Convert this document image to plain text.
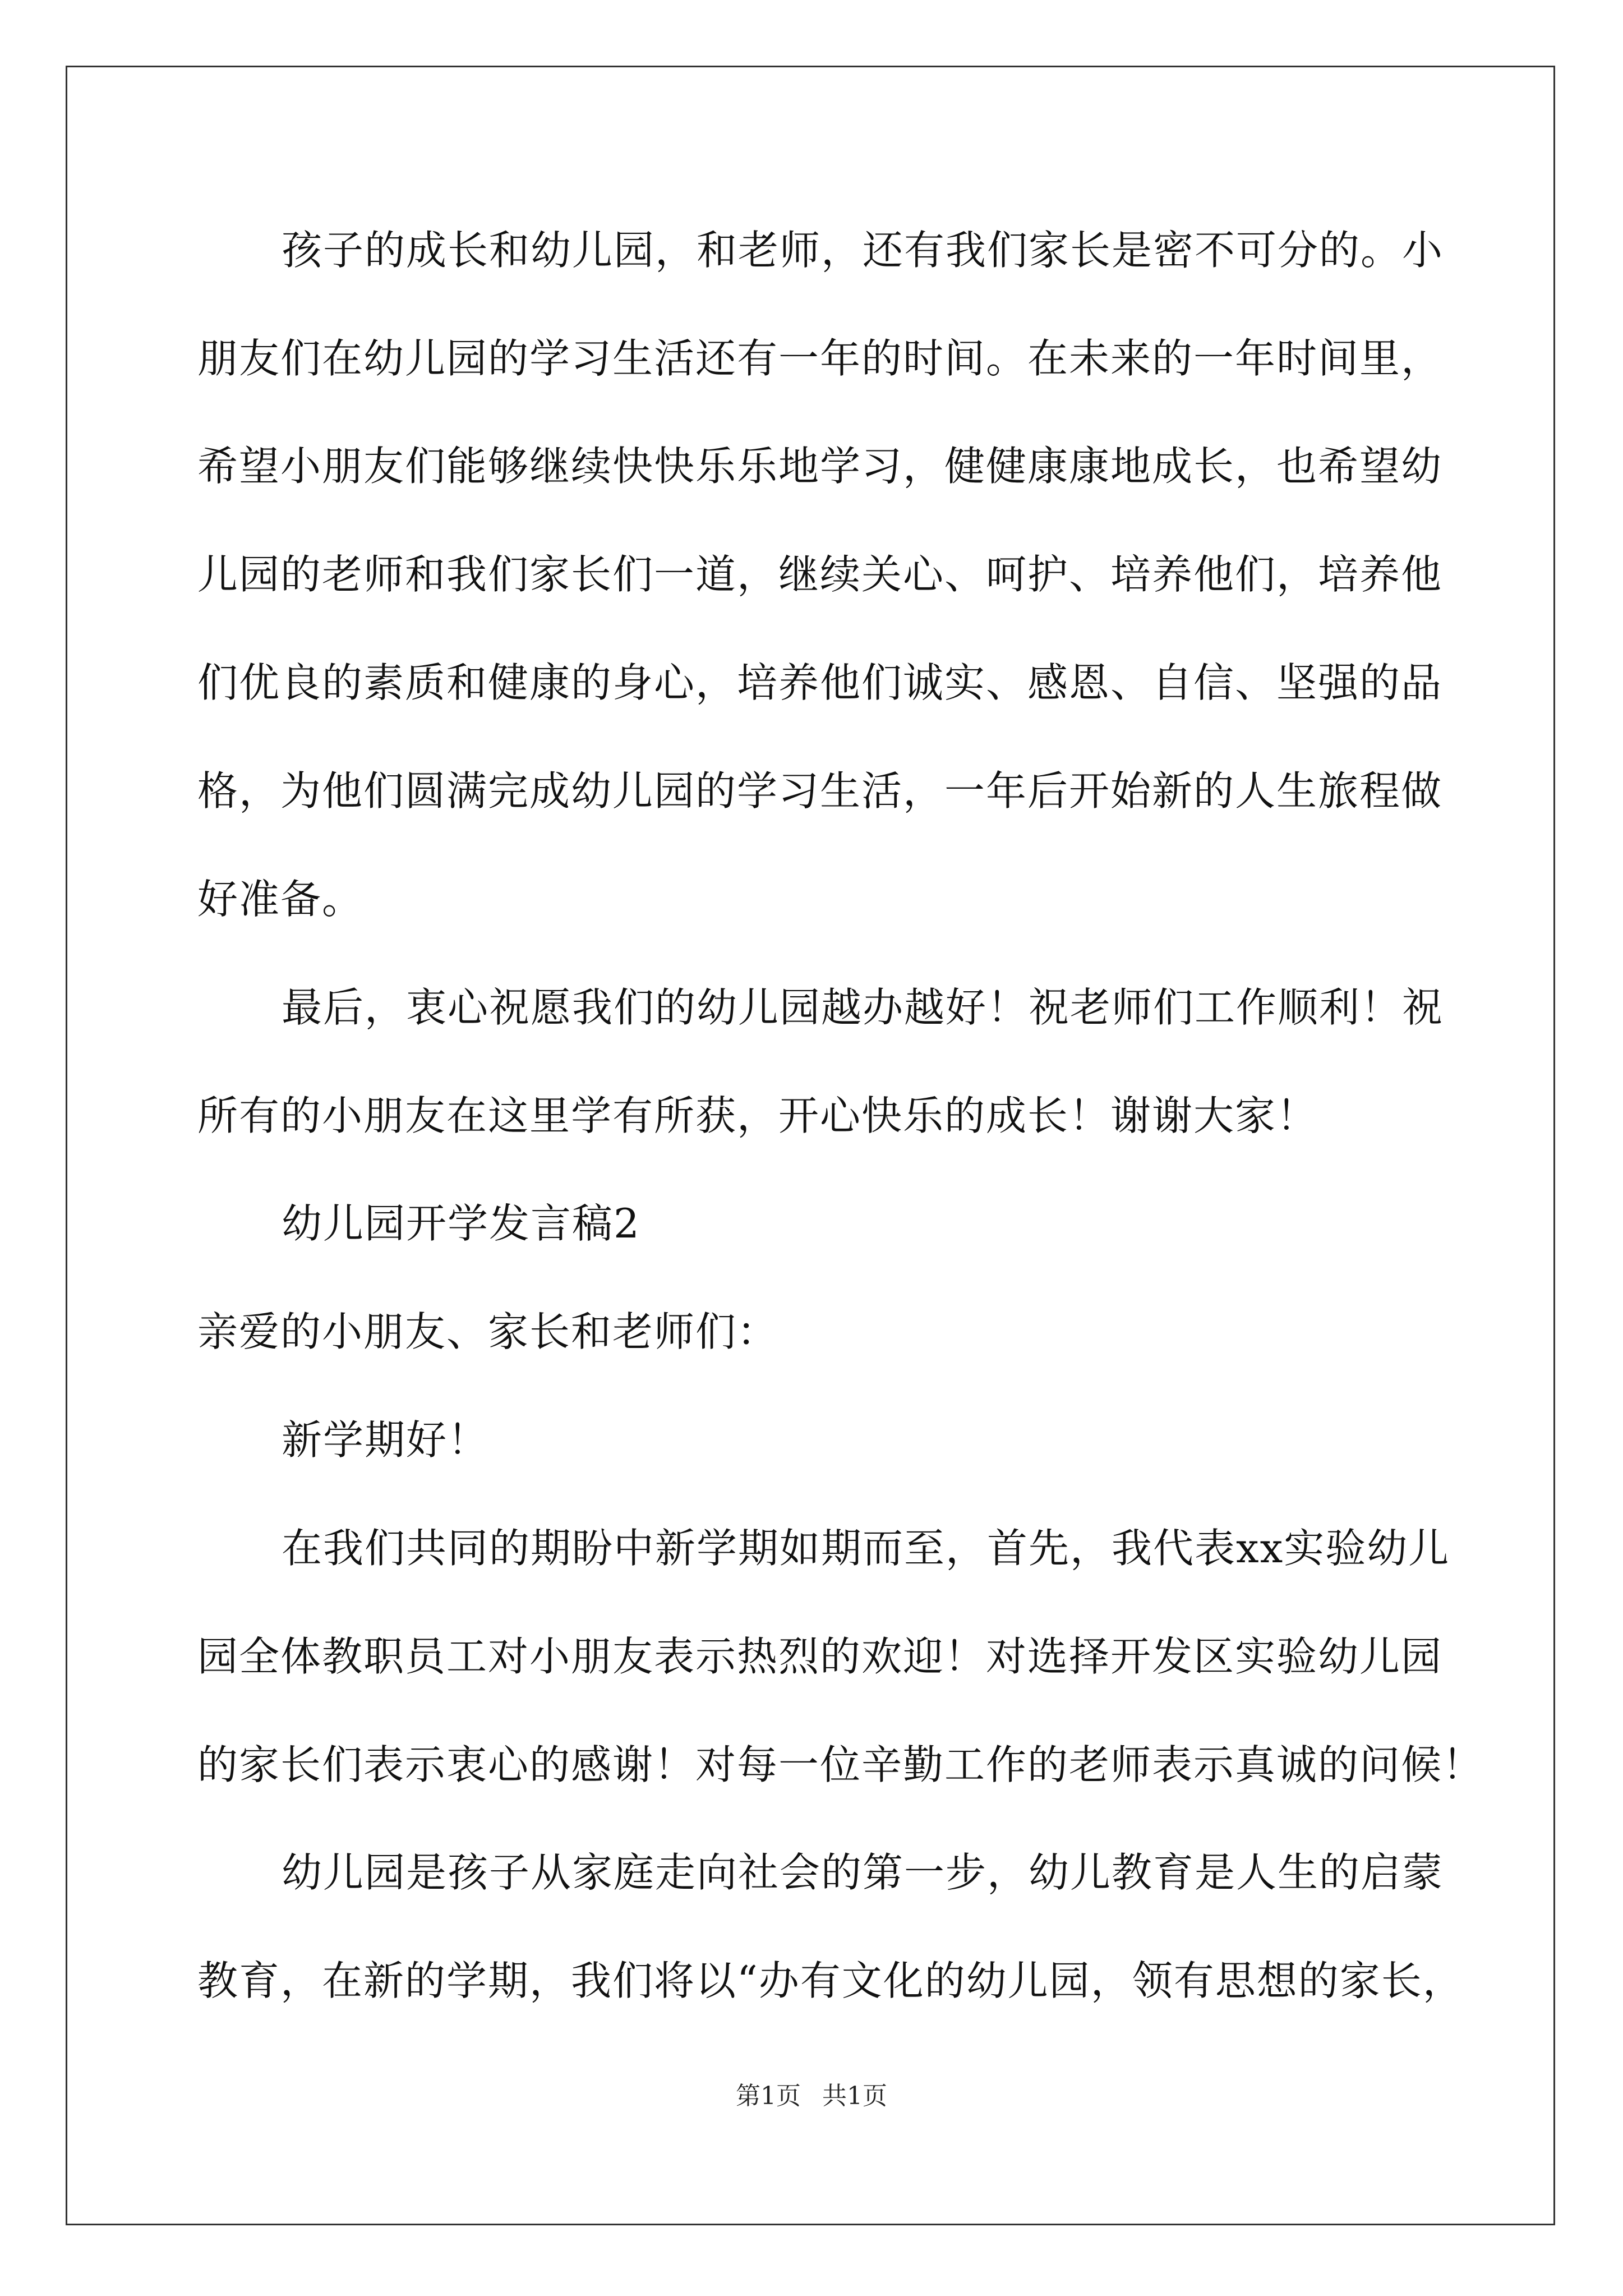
孩子的成长和幼儿园，和老师，还有我们家长是密不可分的。小
朋友们在幼儿园的学习生活还有一年的时间。在未来的一年时间里，
希望小朋友们能够继续快快乐乐地学习，健健康康地成长，也希望幼
儿园的老师和我们家长们一道，继续关心、呵护、培养他们，培养他
们优良的素质和健康的身心，培养他们诚实、感恩、自信、坚强的品
格，为他们圆满完成幼儿园的学习生活，一年后开始新的人生旅程做
好准备。
最后，衷心祝愿我们的幼儿园越办越好！祝老师们工作顺利！祝
所有的小朋友在这里学有所获，开心快乐的成长！谢谢大家！
幼儿园开学发言稿2
亲爱的小朋友、家长和老师们：
新学期好！
在我们共同的期盼中新学期如期而至，首先，我代表xx实验幼儿
园全体教职员工对小朋友表示热烈的欢迎！对选择开发区实验幼儿园
的家长们表示衷心的感谢！对每一位辛勤工作的老师表示真诚的问候！
幼儿园是孩子从家庭走向社会的第一步，幼儿教育是人生的启蒙
教育，在新的学期，我们将以“办有文化的幼儿园，领有思想的家长，
第1页 共1页
